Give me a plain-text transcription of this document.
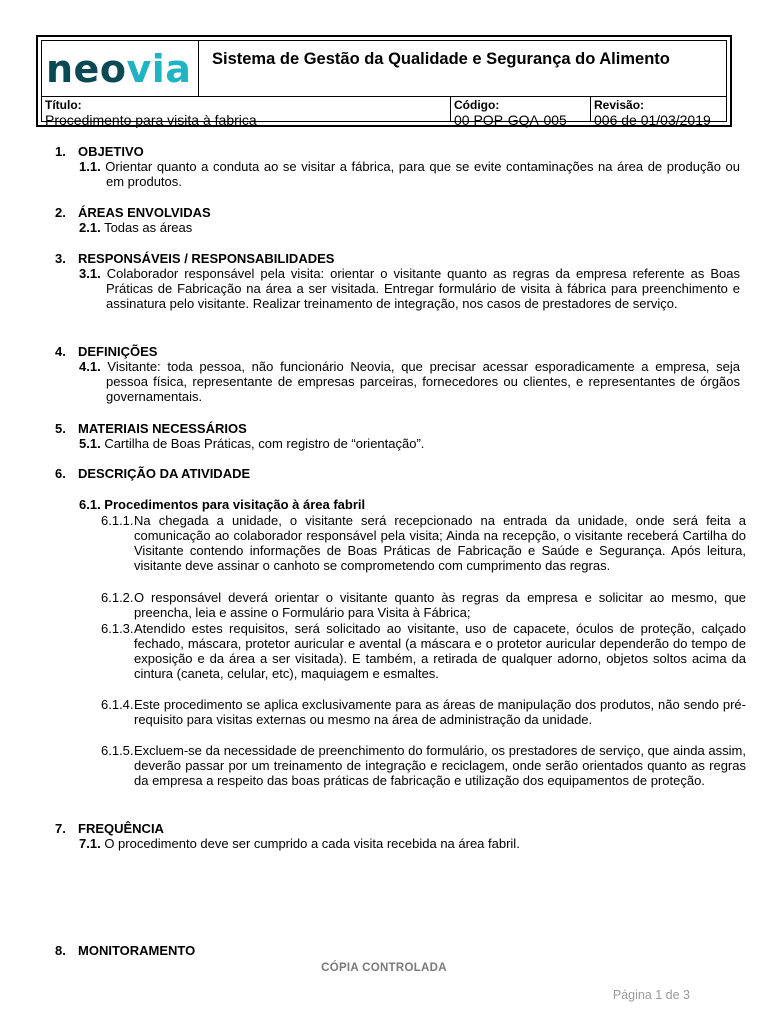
neovia Sistema de Gestão da Qualidade e Segurança do Alimento
Título:
Procedimento para visita à fabrica
Código:
00 POP-GQA-005
Revisão:
006 de 01/03/2019
1. OBJETIVO
1.1. Orientar quanto a conduta ao se visitar a fábrica, para que se evite contaminações na área de produção ou em produtos.
2. ÁREAS ENVOLVIDAS
2.1. Todas as áreas
3. RESPONSÁVEIS / RESPONSABILIDADES
3.1. Colaborador responsável pela visita: orientar o visitante quanto as regras da empresa referente as Boas Práticas de Fabricação na área a ser visitada. Entregar formulário de visita à fábrica para preenchimento e assinatura pelo visitante. Realizar treinamento de integração, nos casos de prestadores de serviço.
4. DEFINIÇÕES
4.1. Visitante: toda pessoa, não funcionário Neovia, que precisar acessar esporadicamente a empresa, seja pessoa física, representante de empresas parceiras, fornecedores ou clientes, e representantes de órgãos governamentais.
5. MATERIAIS NECESSÁRIOS
5.1. Cartilha de Boas Práticas, com registro de “orientação”.
6. DESCRIÇÃO DA ATIVIDADE
6.1. Procedimentos para visitação à área fabril
6.1.1.Na chegada a unidade, o visitante será recepcionado na entrada da unidade, onde será feita a comunicação ao colaborador responsável pela visita; Ainda na recepção, o visitante receberá Cartilha do Visitante contendo informações de Boas Práticas de Fabricação e Saúde e Segurança. Após leitura, visitante deve assinar o canhoto se comprometendo com cumprimento das regras.
6.1.2.O responsável deverá orientar o visitante quanto às regras da empresa e solicitar ao mesmo, que preencha, leia e assine o Formulário para Visita à Fábrica;
6.1.3.Atendido estes requisitos, será solicitado ao visitante, uso de capacete, óculos de proteção, calçado fechado, máscara, protetor auricular e avental (a máscara e o protetor auricular dependerão do tempo de exposição e da área a ser visitada). E também, a retirada de qualquer adorno, objetos soltos acima da cintura (caneta, celular, etc), maquiagem e esmaltes.
6.1.4.Este procedimento se aplica exclusivamente para as áreas de manipulação dos produtos, não sendo pré-requisito para visitas externas ou mesmo na área de administração da unidade.
6.1.5.Excluem-se da necessidade de preenchimento do formulário, os prestadores de serviço, que ainda assim, deverão passar por um treinamento de integração e reciclagem, onde serão orientados quanto as regras da empresa a respeito das boas práticas de fabricação e utilização dos equipamentos de proteção.
7. FREQUÊNCIA
7.1. O procedimento deve ser cumprido a cada visita recebida na área fabril.
8. MONITORAMENTO
CÓPIA CONTROLADA
Página 1 de 3
